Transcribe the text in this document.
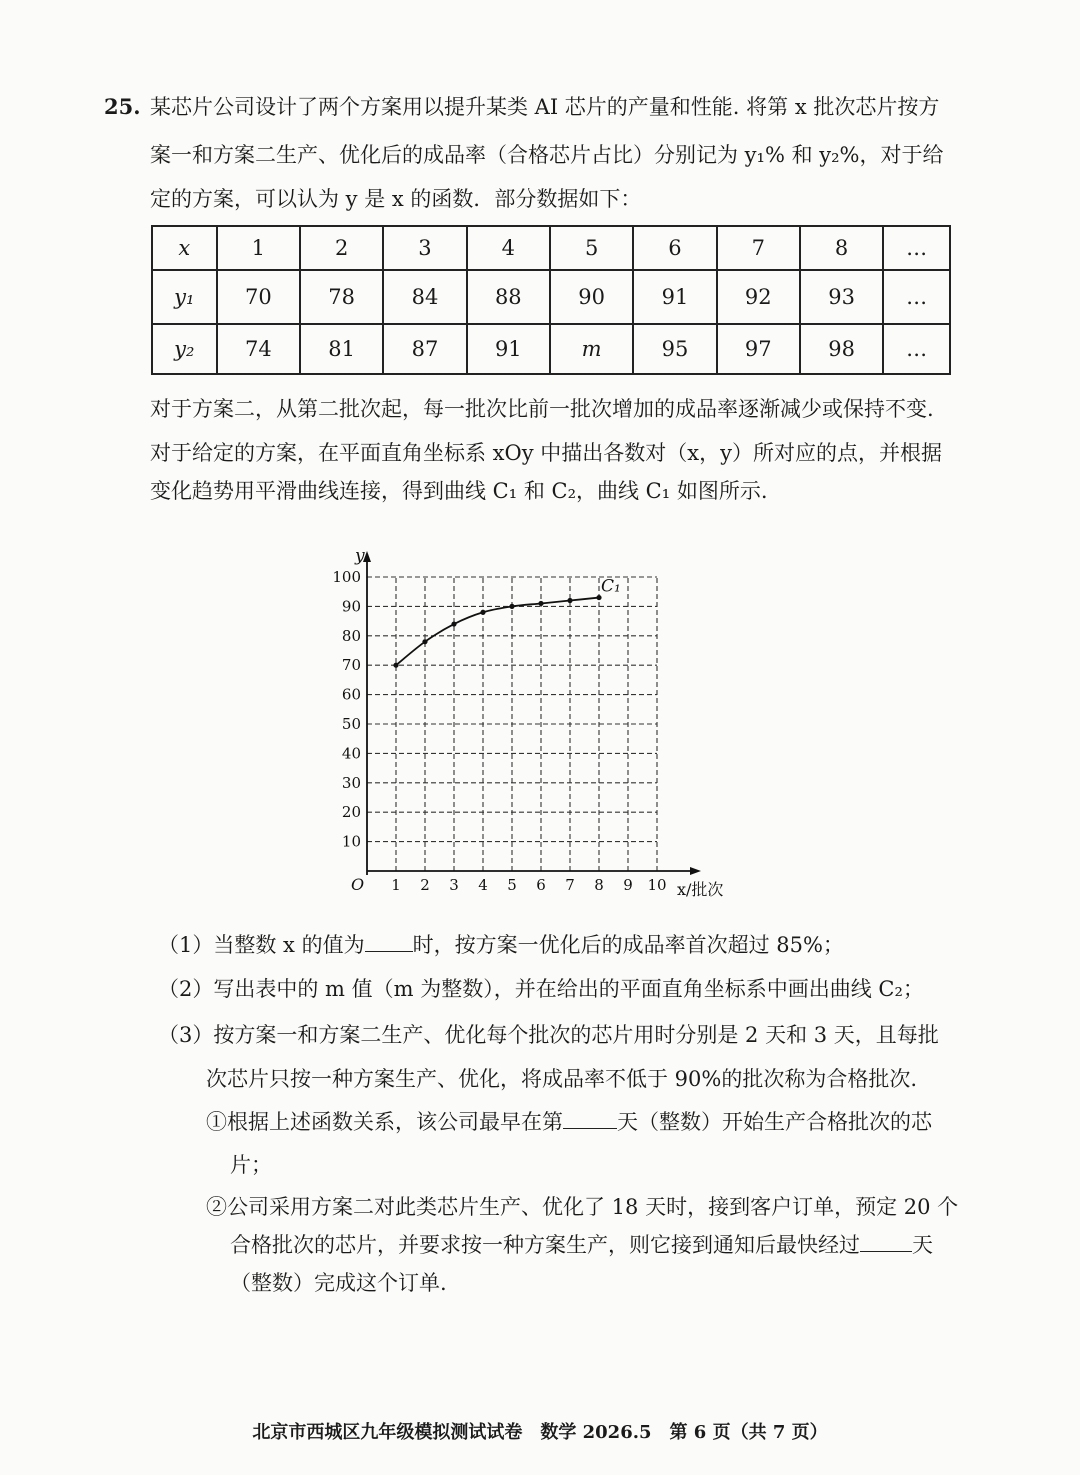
25. 某芯片公司设计了两个方案用以提升某类 AI 芯片的产量和性能. 将第 x 批次芯片按方
案一和方案二生产、优化后的成品率（合格芯片占比）分别记为 y₁% 和 y₂%，对于给
定的方案，可以认为 y 是 x 的函数．部分数据如下：
x	1	2	3	4	5	6	7	8	…
y₁	70	78	84	88	90	91	92	93	…
y₂	74	81	87	91	m	95	97	98	…
对于方案二，从第二批次起，每一批次比前一批次增加的成品率逐渐减少或保持不变.
对于给定的方案，在平面直角坐标系 xOy 中描出各数对（x，y）所对应的点，并根据
变化趋势用平滑曲线连接，得到曲线 C₁ 和 C₂，曲线 C₁ 如图所示.
1 2 3 4 5 6 7 8 9 10
10
20
30
40
50
60
70
80
90
100
O
y
x/批次
C₁
（1）当整数 x 的值为 时，按方案一优化后的成品率首次超过 85%；
（2）写出表中的 m 值（m 为整数），并在给出的平面直角坐标系中画出曲线 C₂；
（3）按方案一和方案二生产、优化每个批次的芯片用时分别是 2 天和 3 天，且每批
次芯片只按一种方案生产、优化，将成品率不低于 90%的批次称为合格批次.
①根据上述函数关系，该公司最早在第	天（整数）开始生产合格批次的芯
片；
②公司采用方案二对此类芯片生产、优化了 18 天时，接到客户订单，预定 20 个
合格批次的芯片，并要求按一种方案生产，则它接到通知后最快经过 天
（整数）完成这个订单.
北京市西城区九年级模拟测试试卷　数学 2026.5　第 6 页（共 7 页）
